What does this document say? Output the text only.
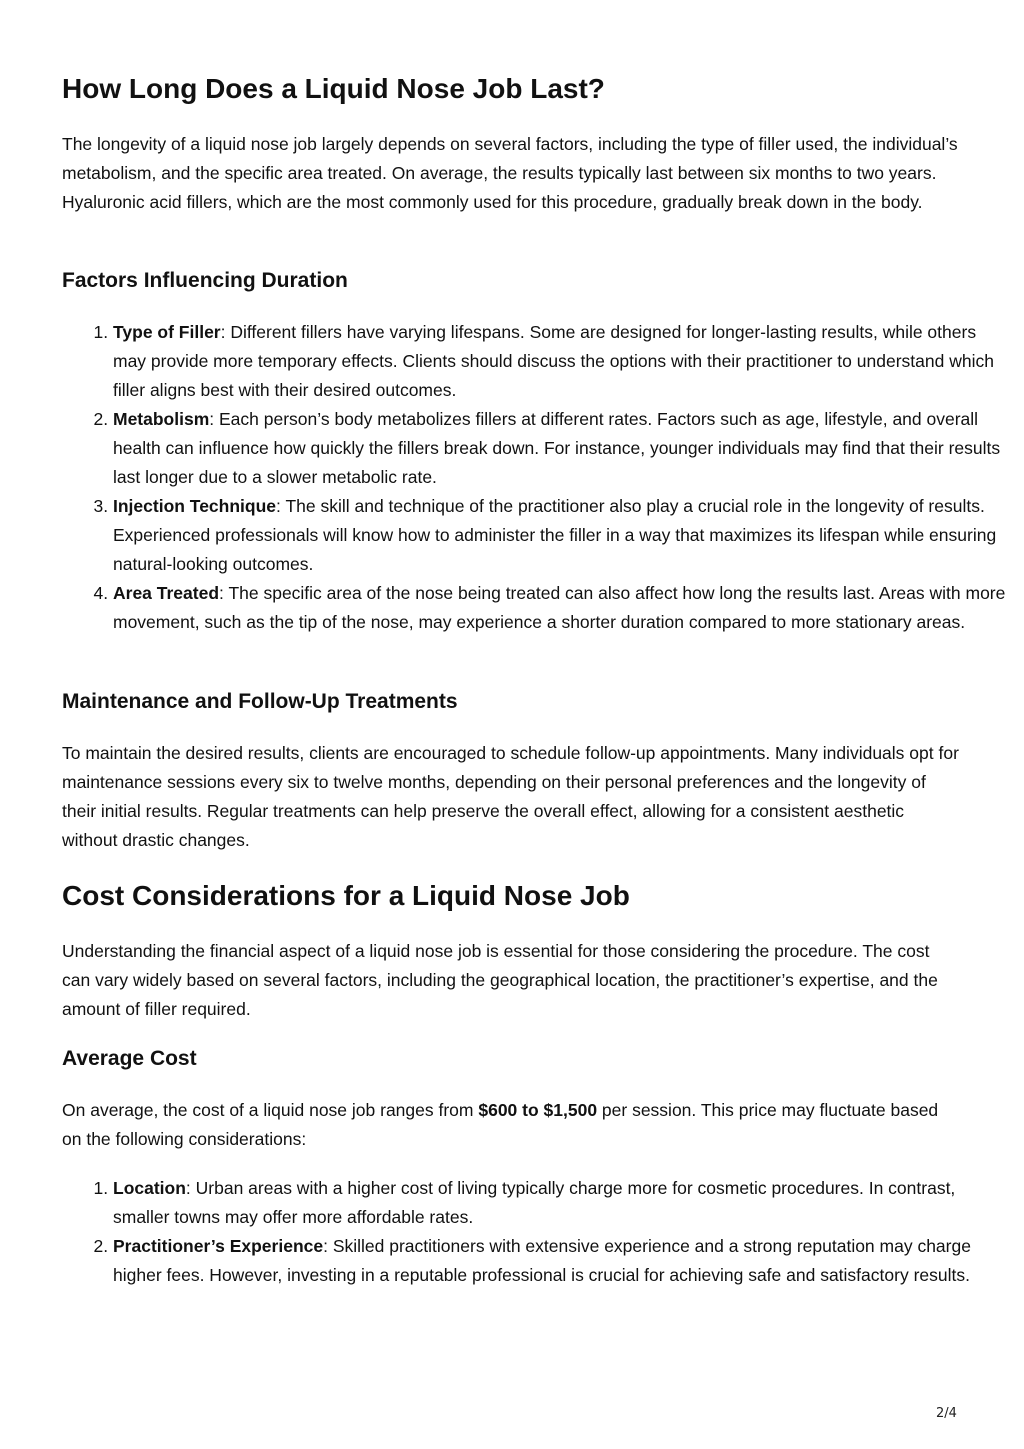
How Long Does a Liquid Nose Job Last?

The longevity of a liquid nose job largely depends on several factors, including the type of filler used, the individual’s metabolism, and the specific area treated. On average, the results typically last between six months to two years. Hyaluronic acid fillers, which are the most commonly used for this procedure, gradually break down in the body.

Factors Influencing Duration
1. Type of Filler: Different fillers have varying lifespans. Some are designed for longer-lasting results, while others may provide more temporary effects. Clients should discuss the options with their practitioner to understand which filler aligns best with their desired outcomes.
2. Metabolism: Each person’s body metabolizes fillers at different rates. Factors such as age, lifestyle, and overall health can influence how quickly the fillers break down. For instance, younger individuals may find that their results last longer due to a slower metabolic rate.
3. Injection Technique: The skill and technique of the practitioner also play a crucial role in the longevity of results. Experienced professionals will know how to administer the filler in a way that maximizes its lifespan while ensuring natural-looking outcomes.
4. Area Treated: The specific area of the nose being treated can also affect how long the results last. Areas with more movement, such as the tip of the nose, may experience a shorter duration compared to more stationary areas.
Maintenance and Follow-Up Treatments

To maintain the desired results, clients are encouraged to schedule follow-up appointments. Many individuals opt for maintenance sessions every six to twelve months, depending on their personal preferences and the longevity of their initial results. Regular treatments can help preserve the overall effect, allowing for a consistent aesthetic without drastic changes.

Cost Considerations for a Liquid Nose Job

Understanding the financial aspect of a liquid nose job is essential for those considering the procedure. The cost can vary widely based on several factors, including the geographical location, the practitioner’s expertise, and the amount of filler required.

Average Cost

On average, the cost of a liquid nose job ranges from $600 to $1,500 per session. This price may fluctuate based on the following considerations:

1. Location: Urban areas with a higher cost of living typically charge more for cosmetic procedures. In contrast, smaller towns may offer more affordable rates.
2. Practitioner’s Experience: Skilled practitioners with extensive experience and a strong reputation may charge higher fees. However, investing in a reputable professional is crucial for achieving safe and satisfactory results.
2/4
